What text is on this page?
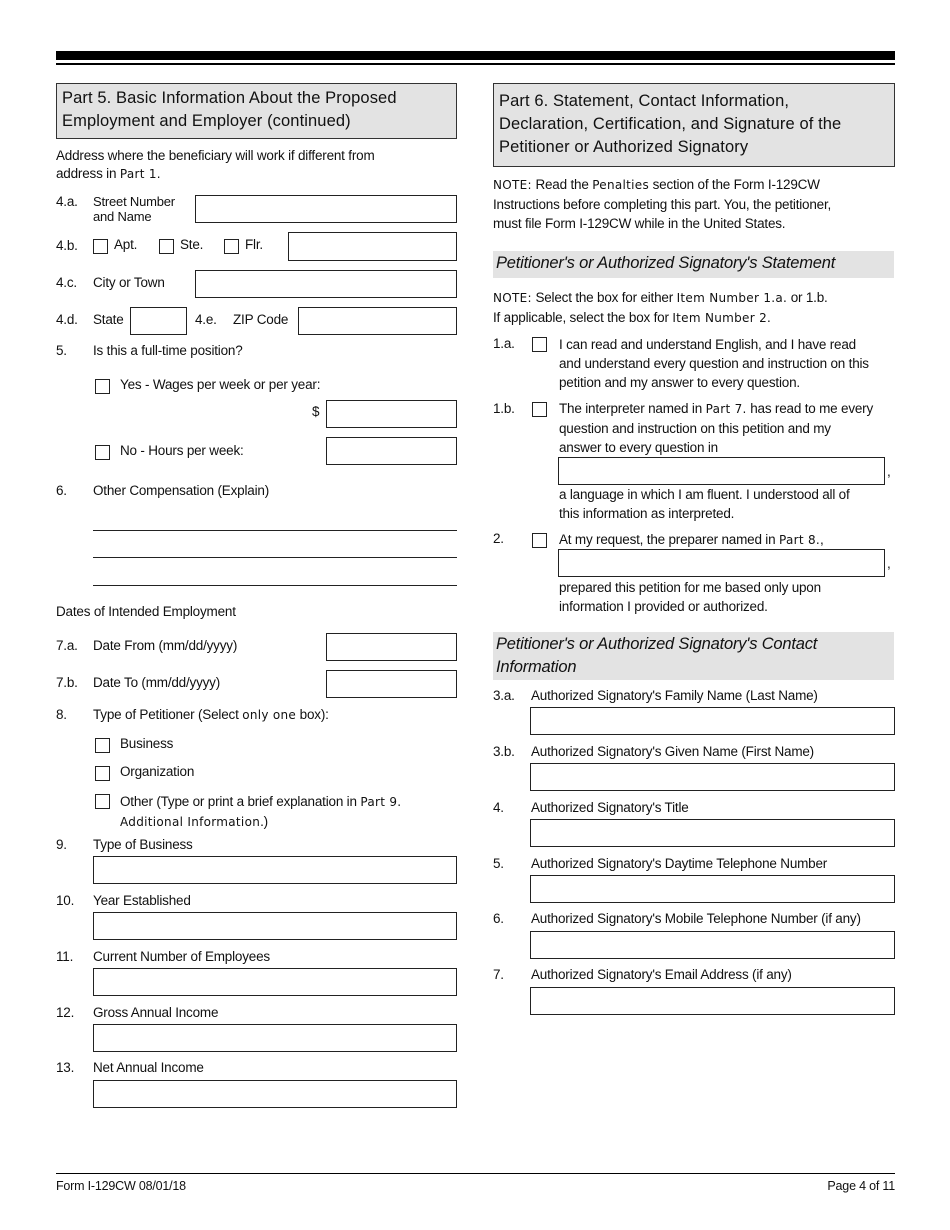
Part 5. Basic Information About the Proposed
Employment and Employer (continued)
Address where the beneficiary will work if different from
address in Part 1.
4.a. Street Number
and Name
4.b.	Apt.	Ste.	Flr.
4.c. City or Town
4.d. State	4.e. ZIP Code
5. Is this a full-time position?
Yes - Wages per week or per year:
$
No - Hours per week:
6. Other Compensation (Explain)
Dates of Intended Employment
7.a. Date From (mm/dd/yyyy)
7.b. Date To (mm/dd/yyyy)
8. Type of Petitioner (Select only one box):
Business
Organization
Other (Type or print a brief explanation in Part 9.
Additional Information.)
9. Type of Business
10. Year Established
11. Current Number of Employees
12. Gross Annual Income
13. Net Annual Income
Part 6. Statement, Contact Information,
Declaration, Certification, and Signature of the
Petitioner or Authorized Signatory
NOTE: Read the Penalties section of the Form I-129CW
Instructions before completing this part. You, the petitioner,
must file Form I-129CW while in the United States.
Petitioner's or Authorized Signatory's Statement
NOTE: Select the box for either Item Number 1.a. or 1.b.
If applicable, select the box for Item Number 2.
1.a.	I can read and understand English, and I have read
and understand every question and instruction on this
petition and my answer to every question.
1.b.	The interpreter named in Part 7. has read to me every
question and instruction on this petition and my
answer to every question in
,
a language in which I am fluent. I understood all of
this information as interpreted.
2.	At my request, the preparer named in Part 8.,
,
prepared this petition for me based only upon
information I provided or authorized.
Petitioner's or Authorized Signatory's Contact
Information
3.a. Authorized Signatory's Family Name (Last Name)
3.b. Authorized Signatory's Given Name (First Name)
4. Authorized Signatory's Title
5. Authorized Signatory's Daytime Telephone Number
6. Authorized Signatory's Mobile Telephone Number (if any)
7. Authorized Signatory's Email Address (if any)
Form I-129CW 08/01/18	Page 4 of 11
